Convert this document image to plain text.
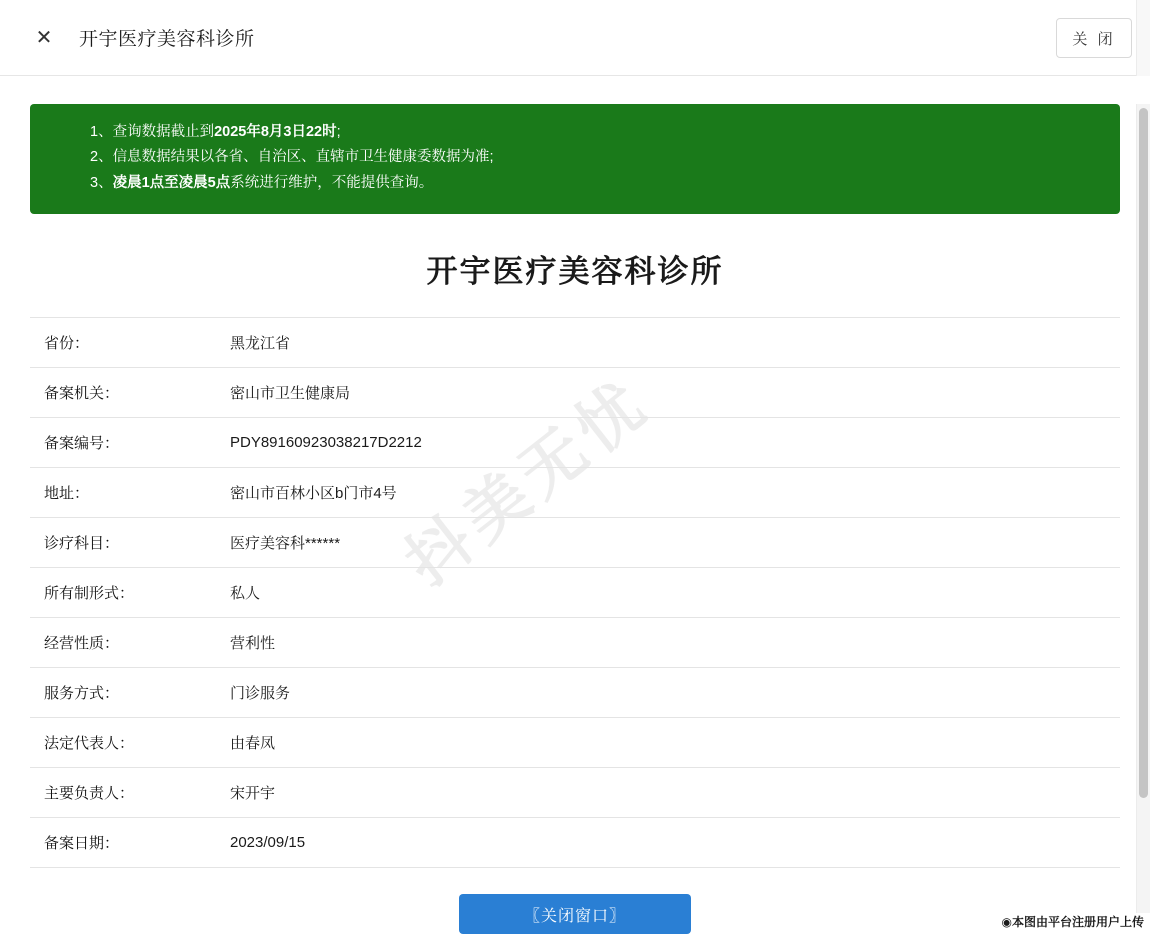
✕ 开宇医疗美容科诊所	关 闭
1、查询数据截止到2025年8月3日22时;
2、信息数据结果以各省、自治区、直辖市卫生健康委数据为准;
3、凌晨1点至凌晨5点系统进行维护，不能提供查询。
开宇医疗美容科诊所
抖美无忧
省份：	黑龙江省
备案机关：	密山市卫生健康局
备案编号：	PDY89160923038217D2212
地址：	密山市百林小区b门市4号
诊疗科目：	医疗美容科******
所有制形式：	私人
经营性质：	营利性
服务方式：	门诊服务
法定代表人：	由春凤
主要负责人：	宋开宇
备案日期：	2023/09/15
〖关闭窗口〗	◉本图由平台注册用户上传
